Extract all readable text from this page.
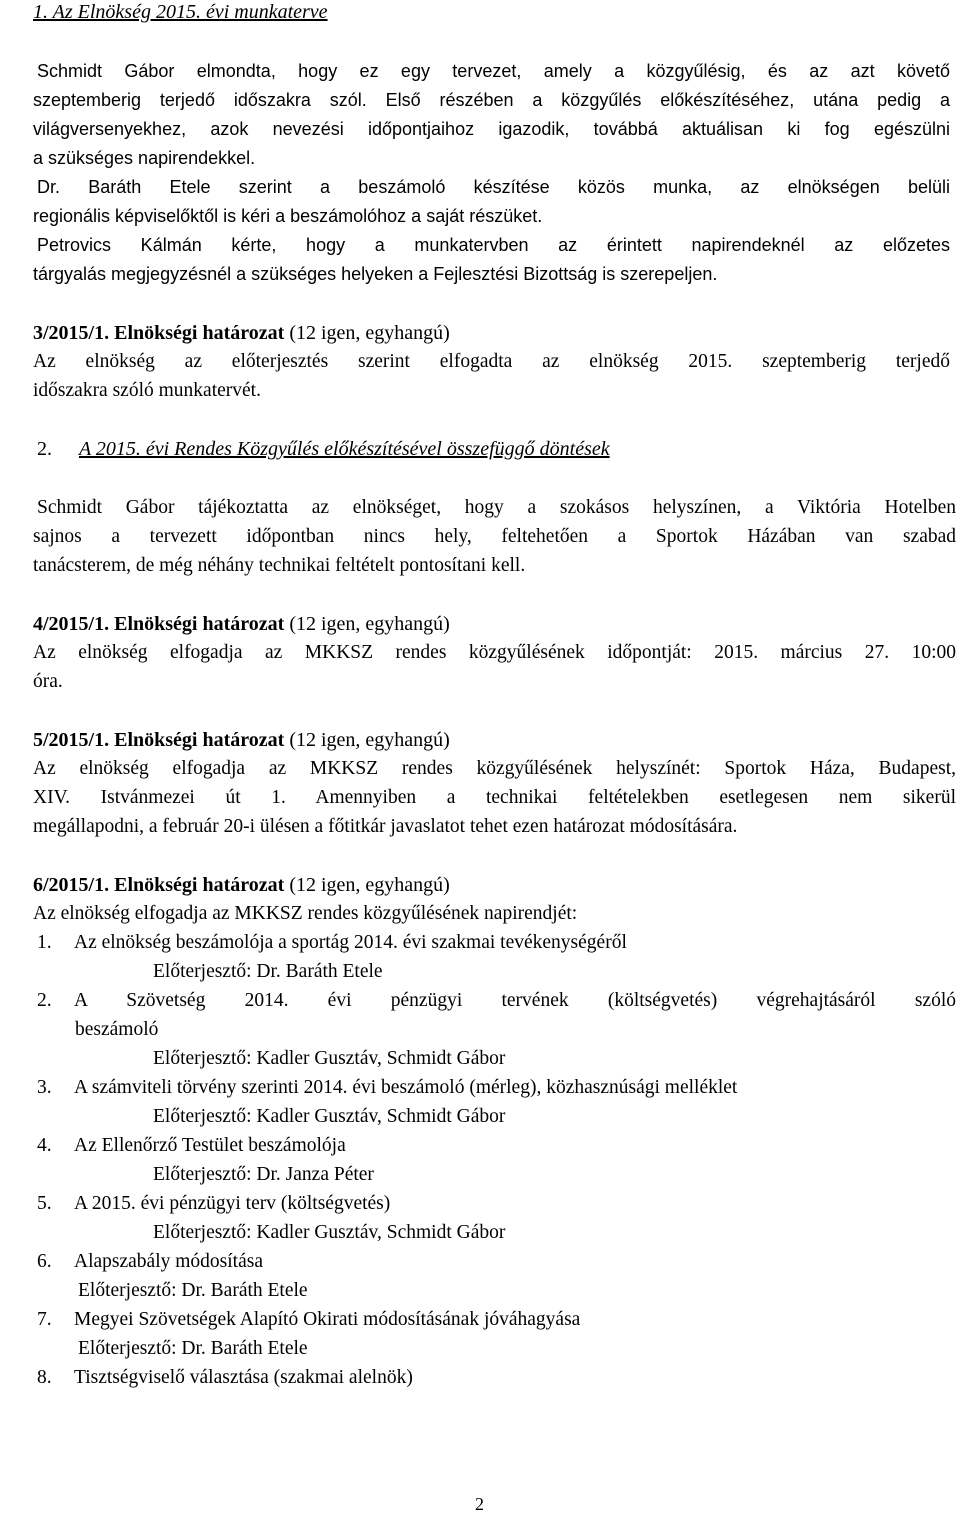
1. Az Elnökség 2015. évi munkaterve
Schmidt Gábor elmondta, hogy ez egy tervezet, amely a közgyűlésig, és az azt követő
szeptemberig terjedő időszakra szól. Első részében a közgyűlés előkészítéséhez, utána pedig a
világversenyekhez, azok nevezési időpontjaihoz igazodik, továbbá aktuálisan ki fog egészülni
a szükséges napirendekkel.
Dr. Baráth Etele szerint a beszámoló készítése közös munka, az elnökségen belüli
regionális képviselőktől is kéri a beszámolóhoz a saját részüket.
Petrovics Kálmán kérte, hogy a munkatervben az érintett napirendeknél az előzetes
tárgyalás megjegyzésnél a szükséges helyeken a Fejlesztési Bizottság is szerepeljen.
3/2015/1. Elnökségi határozat (12 igen, egyhangú)
Az elnökség az előterjesztés szerint elfogadta az elnökség 2015. szeptemberig terjedő
időszakra szóló munkatervét.
2. A 2015. évi Rendes Közgyűlés előkészítésével összefüggő döntések
Schmidt Gábor tájékoztatta az elnökséget, hogy a szokásos helyszínen, a Viktória Hotelben
sajnos a tervezett időpontban nincs hely, feltehetően a Sportok Házában van szabad
tanácsterem, de még néhány technikai feltételt pontosítani kell.
4/2015/1. Elnökségi határozat (12 igen, egyhangú)
Az elnökség elfogadja az MKKSZ rendes közgyűlésének időpontját: 2015. március 27. 10:00
óra.
5/2015/1. Elnökségi határozat (12 igen, egyhangú)
Az elnökség elfogadja az MKKSZ rendes közgyűlésének helyszínét: Sportok Háza, Budapest,
XIV. Istvánmezei út 1. Amennyiben a technikai feltételekben esetlegesen nem sikerül
megállapodni, a február 20-i ülésen a főtitkár javaslatot tehet ezen határozat módosítására.
6/2015/1. Elnökségi határozat (12 igen, egyhangú)
Az elnökség elfogadja az MKKSZ rendes közgyűlésének napirendjét:
1. Az elnökség beszámolója a sportág 2014. évi szakmai tevékenységéről
Előterjesztő: Dr. Baráth Etele
2. A Szövetség 2014. évi pénzügyi tervének (költségvetés) végrehajtásáról szóló
beszámoló
Előterjesztő: Kadler Gusztáv, Schmidt Gábor
3. A számviteli törvény szerinti 2014. évi beszámoló (mérleg), közhasznúsági melléklet
Előterjesztő: Kadler Gusztáv, Schmidt Gábor
4. Az Ellenőrző Testület beszámolója
Előterjesztő: Dr. Janza Péter
5. A 2015. évi pénzügyi terv (költségvetés)
Előterjesztő: Kadler Gusztáv, Schmidt Gábor
6. Alapszabály módosítása
Előterjesztő: Dr. Baráth Etele
7. Megyei Szövetségek Alapító Okirati módosításának jóváhagyása
Előterjesztő: Dr. Baráth Etele
8. Tisztségviselő választása (szakmai alelnök)
2
